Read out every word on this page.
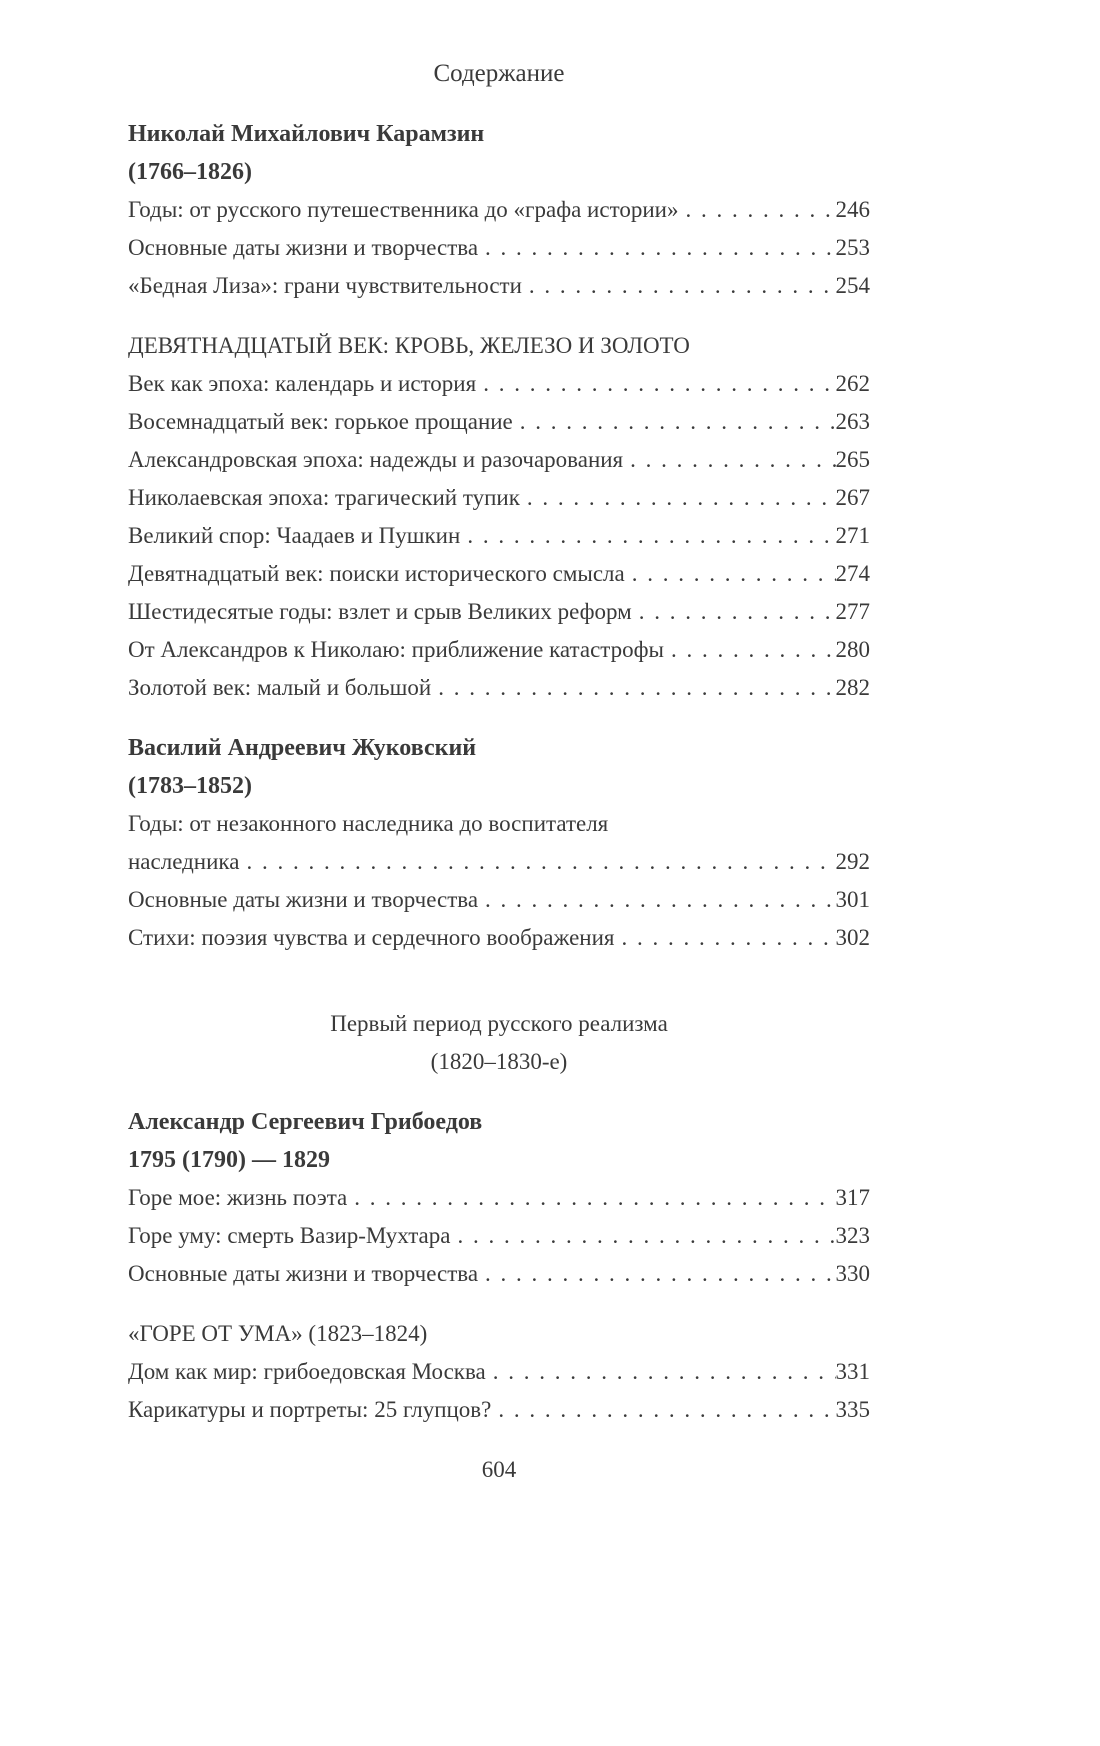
Содержание
Николай Михайлович Карамзин
(1766–1826)
Годы: от русского путешественника до «графа истории» . . .	246
Основные даты жизни и творчества . . .	253
«Бедная Лиза»: грани чувствительности . . .	254
ДЕВЯТНАДЦАТЫЙ ВЕК: КРОВЬ, ЖЕЛЕЗО И ЗОЛОТО
Век как эпоха: календарь и история . . .	262
Восемнадцатый век: горькое прощание . . .	263
Александровская эпоха: надежды и разочарования . . .	265
Николаевская эпоха: трагический тупик . . .	267
Великий спор: Чаадаев и Пушкин . . .	271
Девятнадцатый век: поиски исторического смысла . . .	274
Шестидесятые годы: взлет и срыв Великих реформ . . .	277
От Александров к Николаю: приближение катастрофы . . .	280
Золотой век: малый и большой . . .	282
Василий Андреевич Жуковский
(1783–1852)
Годы: от незаконного наследника до воспитателя
наследника . . .	292
Основные даты жизни и творчества . . .	301
Стихи: поэзия чувства и сердечного воображения . . .	302
Первый период русского реализма
(1820–1830-е)
Александр Сергеевич Грибоедов
1795 (1790) — 1829
Горе мое: жизнь поэта . . .	317
Горе уму: смерть Вазир-Мухтара . . .	323
Основные даты жизни и творчества . . .	330
«ГОРЕ ОТ УМА» (1823–1824)
Дом как мир: грибоедовская Москва . . .	331
Карикатуры и портреты: 25 глупцов? . . .	335
604
